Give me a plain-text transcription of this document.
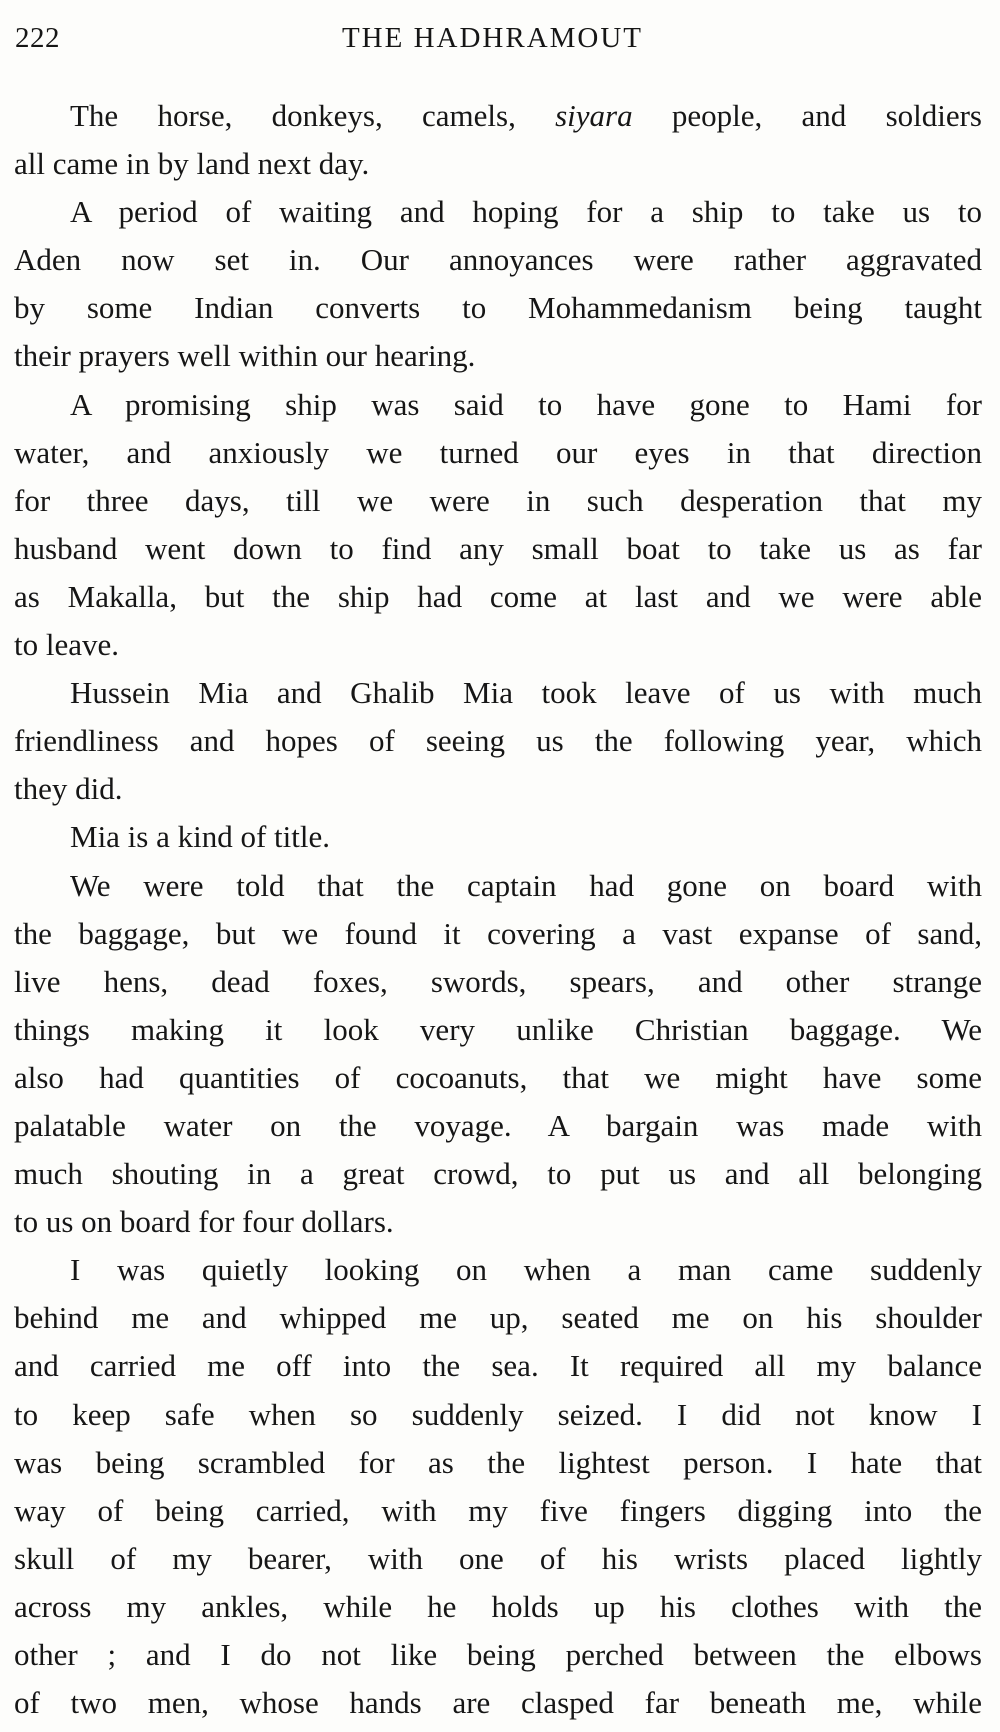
222	THE HADHRAMOUT
The horse, donkeys, camels, siyara people, and soldiers
all came in by land next day.
A period of waiting and hoping for a ship to take us to
Aden now set in. Our annoyances were rather aggravated
by some Indian converts to Mohammedanism being taught
their prayers well within our hearing.
A promising ship was said to have gone to Hami for
water, and anxiously we turned our eyes in that direction
for three days, till we were in such desperation that my
husband went down to find any small boat to take us as far
as Makalla, but the ship had come at last and we were able
to leave.
Hussein Mia and Ghalib Mia took leave of us with much
friendliness and hopes of seeing us the following year, which
they did.
Mia is a kind of title.
We were told that the captain had gone on board with
the baggage, but we found it covering a vast expanse of sand,
live hens, dead foxes, swords, spears, and other strange
things making it look very unlike Christian baggage. We
also had quantities of cocoanuts, that we might have some
palatable water on the voyage. A bargain was made with
much shouting in a great crowd, to put us and all belonging
to us on board for four dollars.
I was quietly looking on when a man came suddenly
behind me and whipped me up, seated me on his shoulder
and carried me off into the sea. It required all my balance
to keep safe when so suddenly seized. I did not know I
was being scrambled for as the lightest person. I hate that
way of being carried, with my five fingers digging into the
skull of my bearer, with one of his wrists placed lightly
across my ankles, while he holds up his clothes with the
other ; and I do not like being perched between the elbows
of two men, whose hands are clasped far beneath me, while
